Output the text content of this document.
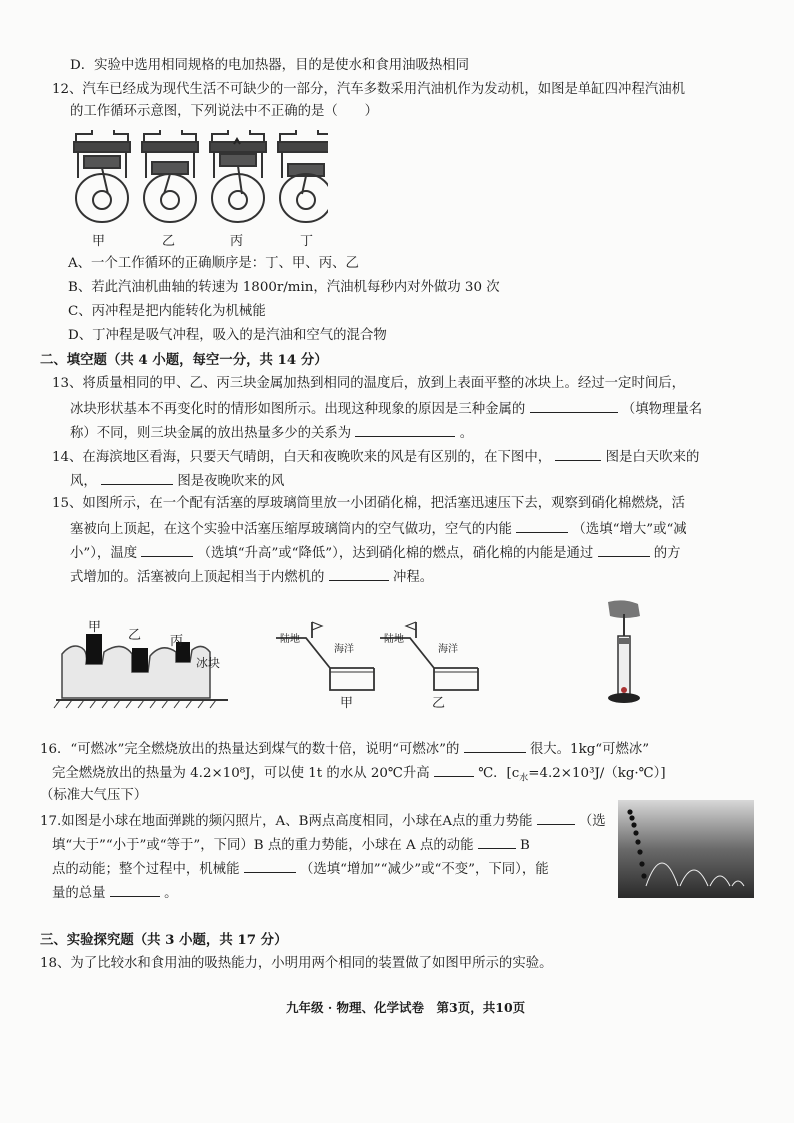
D．实验中选用相同规格的电加热器，目的是使水和食用油吸热相同
12、汽车已经成为现代生活不可缺少的一部分，汽车多数采用汽油机作为发动机，如图是单缸四冲程汽油机
的工作循环示意图，下列说法中不正确的是（　　）
甲	乙	丙	丁
A、一个工作循环的正确顺序是：丁、甲、丙、乙
B、若此汽油机曲轴的转速为 1800r/min，汽油机每秒内对外做功 30 次
C、丙冲程是把内能转化为机械能
D、丁冲程是吸气冲程，吸入的是汽油和空气的混合物
二、填空题（共 4 小题，每空一分，共 14 分）
13、将质量相同的甲、乙、丙三块金属加热到相同的温度后，放到上表面平整的冰块上。经过一定时间后，
冰块形状基本不再变化时的情形如图所示。出现这种现象的原因是三种金属的	（填物理量名
称）不同，则三块金属的放出热量多少的关系为	。
14、在海滨地区看海，只要天气晴朗，白天和夜晚吹来的风是有区别的，在下图中，	图是白天吹来的
风，	图是夜晚吹来的风
15、如图所示，在一个配有活塞的厚玻璃筒里放一小团硝化棉，把活塞迅速压下去，观察到硝化棉燃烧，活
塞被向上顶起，在这个实验中活塞压缩厚玻璃筒内的空气做功，空气的内能	（选填“增大”或“减
小”），温度	（选填“升高”或“降低”），达到硝化棉的燃点，硝化棉的内能是通过	的方
式增加的。活塞被向上顶起相当于内燃机的	冲程。
甲
乙 丙
冰块
陆地
海洋
陆地
海洋
甲	乙
16．“可燃冰”完全燃烧放出的热量达到煤气的数十倍，说明“可燃冰”的	很大。1kg“可燃冰”
完全燃烧放出的热量为 4.2×10⁸J，可以使 1t 的水从 20℃升高	℃．$[c_水=4.2\times 10^3J/(kg\cdot℃)]$
（标准大气压下）
17.如图是小球在地面弹跳的频闪照片，A、B两点高度相同，小球在A点的重力势能	（选
填“大于”“小于”或“等于”，下同）B 点的重力势能，小球在 A 点的动能	B
点的动能；整个过程中，机械能	（选填“增加”“减少”或“不变”，下同），能
量的总量	。
三、实验探究题（共 3 小题，共 17 分）
18、为了比较水和食用油的吸热能力，小明用两个相同的装置做了如图甲所示的实验。
九年级 · 物理、化学试卷　第3页，共10页
